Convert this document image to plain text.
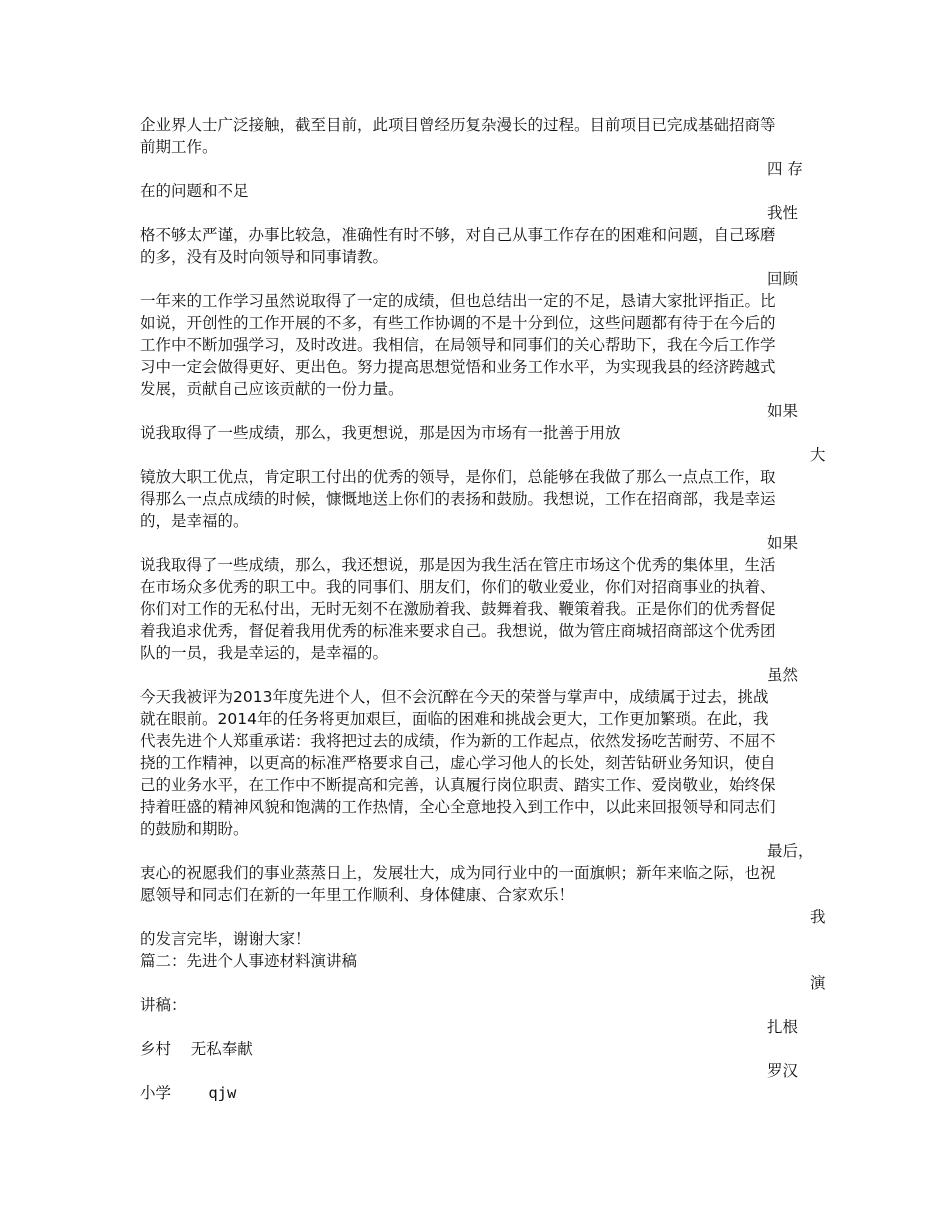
企业界人士广泛接触，截至目前，此项目曾经历复杂漫长的过程。目前项目已完成基础招商等
前期工作。
四 存
在的问题和不足
我性
格不够太严谨，办事比较急，准确性有时不够，对自己从事工作存在的困难和问题，自己琢磨
的多，没有及时向领导和同事请教。
回顾
一年来的工作学习虽然说取得了一定的成绩，但也总结出一定的不足，恳请大家批评指正。比
如说，开创性的工作开展的不多，有些工作协调的不是十分到位，这些问题都有待于在今后的
工作中不断加强学习，及时改进。我相信，在局领导和同事们的关心帮助下，我在今后工作学
习中一定会做得更好、更出色。努力提高思想觉悟和业务工作水平，为实现我县的经济跨越式
发展，贡献自己应该贡献的一份力量。
如果
说我取得了一些成绩，那么，我更想说，那是因为市场有一批善于用放
大
镜放大职工优点，肯定职工付出的优秀的领导，是你们，总能够在我做了那么一点点工作，取
得那么一点点成绩的时候，慷慨地送上你们的表扬和鼓励。我想说，工作在招商部，我是幸运
的，是幸福的。
如果
说我取得了一些成绩，那么，我还想说，那是因为我生活在管庄市场这个优秀的集体里，生活
在市场众多优秀的职工中。我的同事们、朋友们，你们的敬业爱业，你们对招商事业的执着、
你们对工作的无私付出，无时无刻不在激励着我、鼓舞着我、鞭策着我。正是你们的优秀督促
着我追求优秀，督促着我用优秀的标准来要求自己。我想说，做为管庄商城招商部这个优秀团
队的一员，我是幸运的，是幸福的。
虽然
今天我被评为2013年度先进个人，但不会沉醉在今天的荣誉与掌声中，成绩属于过去，挑战
就在眼前。2014年的任务将更加艰巨，面临的困难和挑战会更大，工作更加繁琐。在此，我
代表先进个人郑重承诺：我将把过去的成绩，作为新的工作起点，依然发扬吃苦耐劳、不屈不
挠的工作精神，以更高的标准严格要求自己，虚心学习他人的长处，刻苦钻研业务知识，使自
己的业务水平，在工作中不断提高和完善，认真履行岗位职责、踏实工作、爱岗敬业，始终保
持着旺盛的精神风貌和饱满的工作热情，全心全意地投入到工作中，以此来回报领导和同志们
的鼓励和期盼。
最后，
衷心的祝愿我们的事业蒸蒸日上，发展壮大，成为同行业中的一面旗帜；新年来临之际，也祝
愿领导和同志们在新的一年里工作顺利、身体健康、合家欢乐！
我
的发言完毕，谢谢大家！
篇二：先进个人事迹材料演讲稿
演
讲稿：
扎根
乡村    无私奉献
罗汉
小学    qjw
